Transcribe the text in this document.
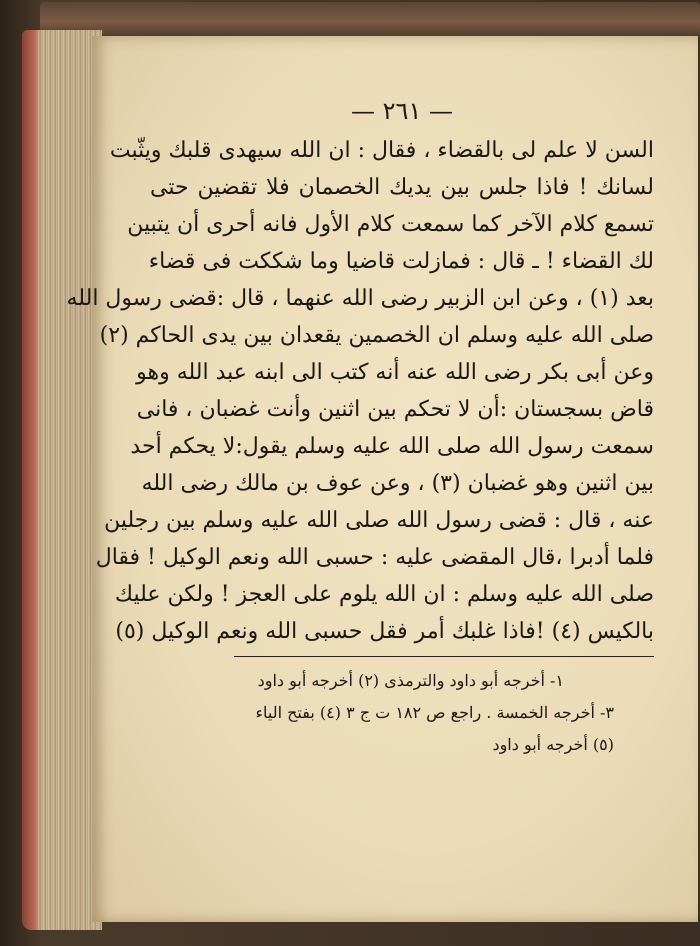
— ٢٦١ —
السن لا علم لى بالقضاء ، فقال : ان الله سيهدى قلبك ويثّبت
لسانك ! فاذا جلس بين يديك الخصمان فلا تقضين حتى
تسمع كلام الآخر كما سمعت كلام الأول فانه أحرى أن يتبين
لك القضاء ! ـ قال : فمازلت قاضيا وما شككت فى قضاء
بعد (١) ، وعن ابن الزبير رضى الله عنهما ، قال :قضى رسول الله
صلى الله عليه وسلم ان الخصمين يقعدان بين يدى الحاكم (٢)
وعن أبى بكر رضى الله عنه أنه كتب الى ابنه عبد الله وهو
قاض بسجستان :أن لا تحكم بين اثنين وأنت غضبان ، فانى
سمعت رسول الله صلى الله عليه وسلم يقول:لا يحكم أحد
بين اثنين وهو غضبان (٣) ، وعن عوف بن مالك رضى الله
عنه ، قال : قضى رسول الله صلى الله عليه وسلم بين رجلين
فلما أدبرا ،قال المقضى عليه : حسبى الله ونعم الوكيل ! فقال
صلى الله عليه وسلم : ان الله يلوم على العجز ! ولكن عليك
بالكيس (٤) !فاذا غلبك أمر فقل حسبى الله ونعم الوكيل (٥)
١- أخرجه أبو داود والترمذى (٢) أخرجه أبو داود
٣- أخرجه الخمسة . راجع ص ١٨٢ ت ج ٣ (٤) بفتح الياء
(٥) أخرجه أبو داود
